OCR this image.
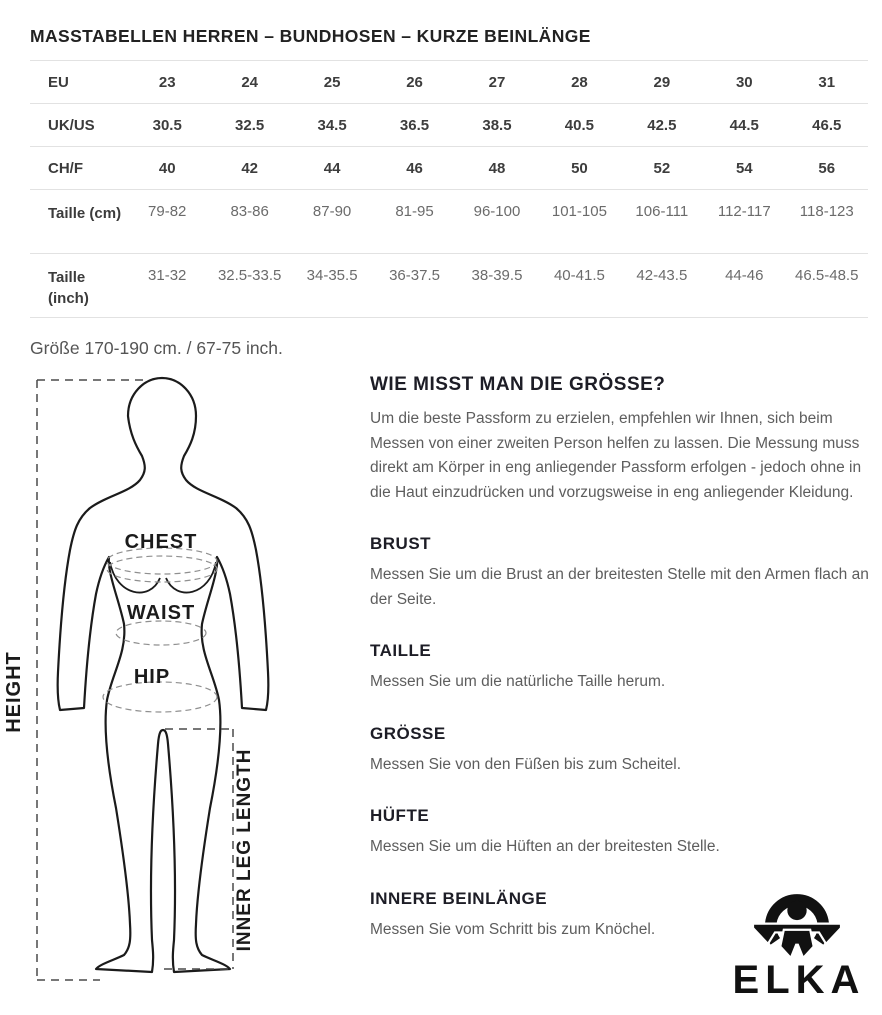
MASSTABELLEN HERREN – BUNDHOSEN – KURZE BEINLÄNGE
EU	23	24	25	26	27	28	29	30	31
UK/US	30.5	32.5	34.5	36.5	38.5	40.5	42.5	44.5	46.5
CH/F	40	42	44	46	48	50	52	54	56
Taille (cm)	79-82	83-86	87-90	81-95	96-100	101-105	106-111	112-117	118-123
Taille (inch)	31-32	32.5-33.5	34-35.5	36-37.5	38-39.5	40-41.5	42-43.5	44-46	46.5-48.5
Größe 170-190 cm. / 67-75 inch.
CHEST
WAIST
HIP
HEIGHT
INNER LEG LENGTH
WIE MISST MAN DIE GRÖSSE?

Um die beste Passform zu erzielen, empfehlen wir Ihnen, sich beim Messen von einer zweiten Person helfen zu lassen. Die Messung muss direkt am Körper in eng anliegender Passform erfolgen - jedoch ohne in die Haut einzudrücken und vorzugsweise in eng anliegender Kleidung.

BRUST

Messen Sie um die Brust an der breitesten Stelle mit den Armen flach an der Seite.

TAILLE

Messen Sie um die natürliche Taille herum.

GRÖSSE

Messen Sie von den Füßen bis zum Scheitel.

HÜFTE

Messen Sie um die Hüften an der breitesten Stelle.

INNERE BEINLÄNGE

Messen Sie vom Schritt bis zum Knöchel.

ELKA
